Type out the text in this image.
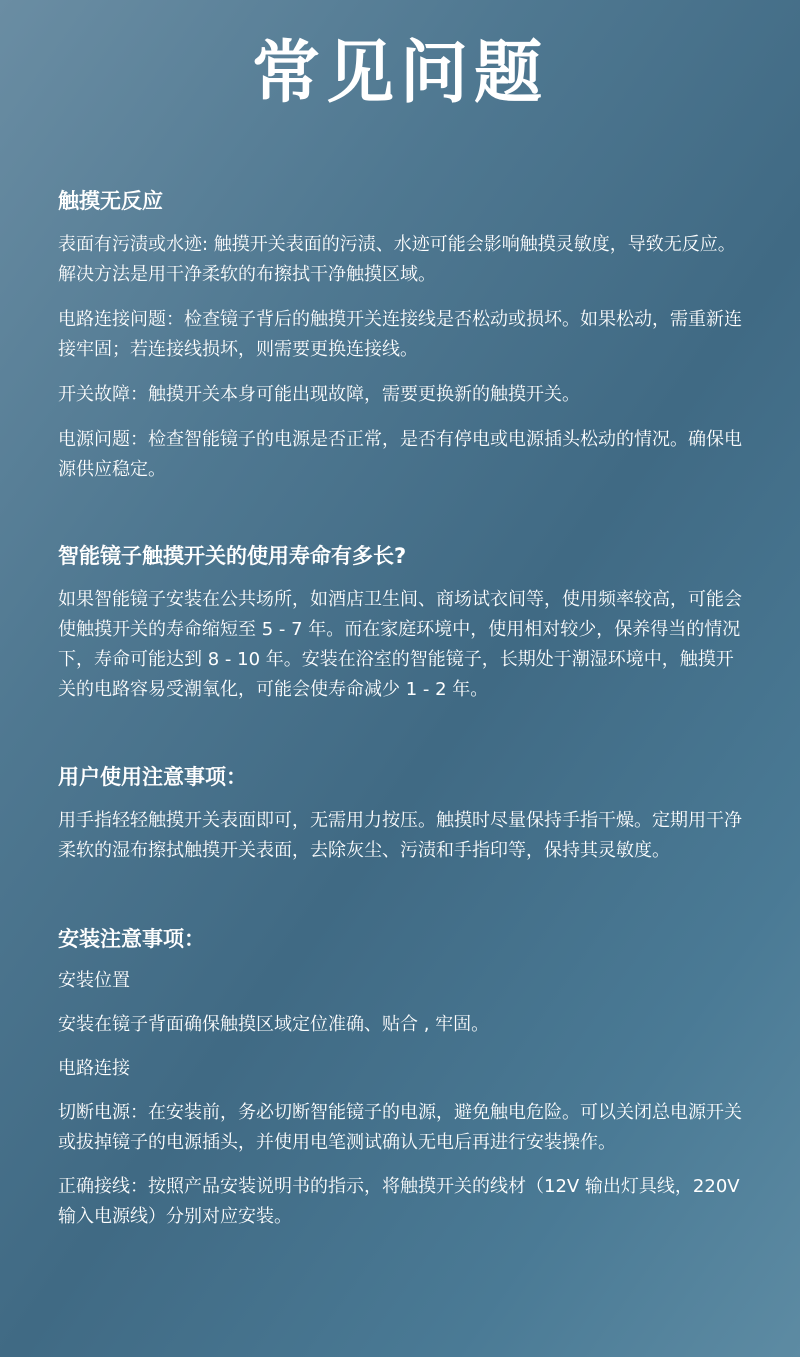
常见问题
触摸无反应

表面有污渍或水迹: 触摸开关表面的污渍、水迹可能会影响触摸灵敏度，导致无反应。解决方法是用干净柔软的布擦拭干净触摸区域。

电路连接问题：检查镜子背后的触摸开关连接线是否松动或损坏。如果松动，需重新连接牢固；若连接线损坏，则需要更换连接线。

开关故障：触摸开关本身可能出现故障，需要更换新的触摸开关。

电源问题：检查智能镜子的电源是否正常，是否有停电或电源插头松动的情况。确保电源供应稳定。

智能镜子触摸开关的使用寿命有多长?

如果智能镜子安装在公共场所，如酒店卫生间、商场试衣间等，使用频率较高，可能会使触摸开关的寿命缩短至 5 - 7 年。而在家庭环境中，使用相对较少，保养得当的情况下，寿命可能达到 8 - 10 年。安装在浴室的智能镜子，长期处于潮湿环境中，触摸开关的电路容易受潮氧化，可能会使寿命减少 1 - 2 年。

用户使用注意事项：

用手指轻轻触摸开关表面即可，无需用力按压。触摸时尽量保持手指干燥。定期用干净柔软的湿布擦拭触摸开关表面，去除灰尘、污渍和手指印等，保持其灵敏度。

安装注意事项：

安装位置

安装在镜子背面确保触摸区域定位准确、贴合 , 牢固。

电路连接

切断电源：在安装前，务必切断智能镜子的电源，避免触电危险。可以关闭总电源开关或拔掉镜子的电源插头，并使用电笔测试确认无电后再进行安装操作。

正确接线：按照产品安装说明书的指示，将触摸开关的线材（12V 输出灯具线，220V 输入电源线）分别对应安装。
